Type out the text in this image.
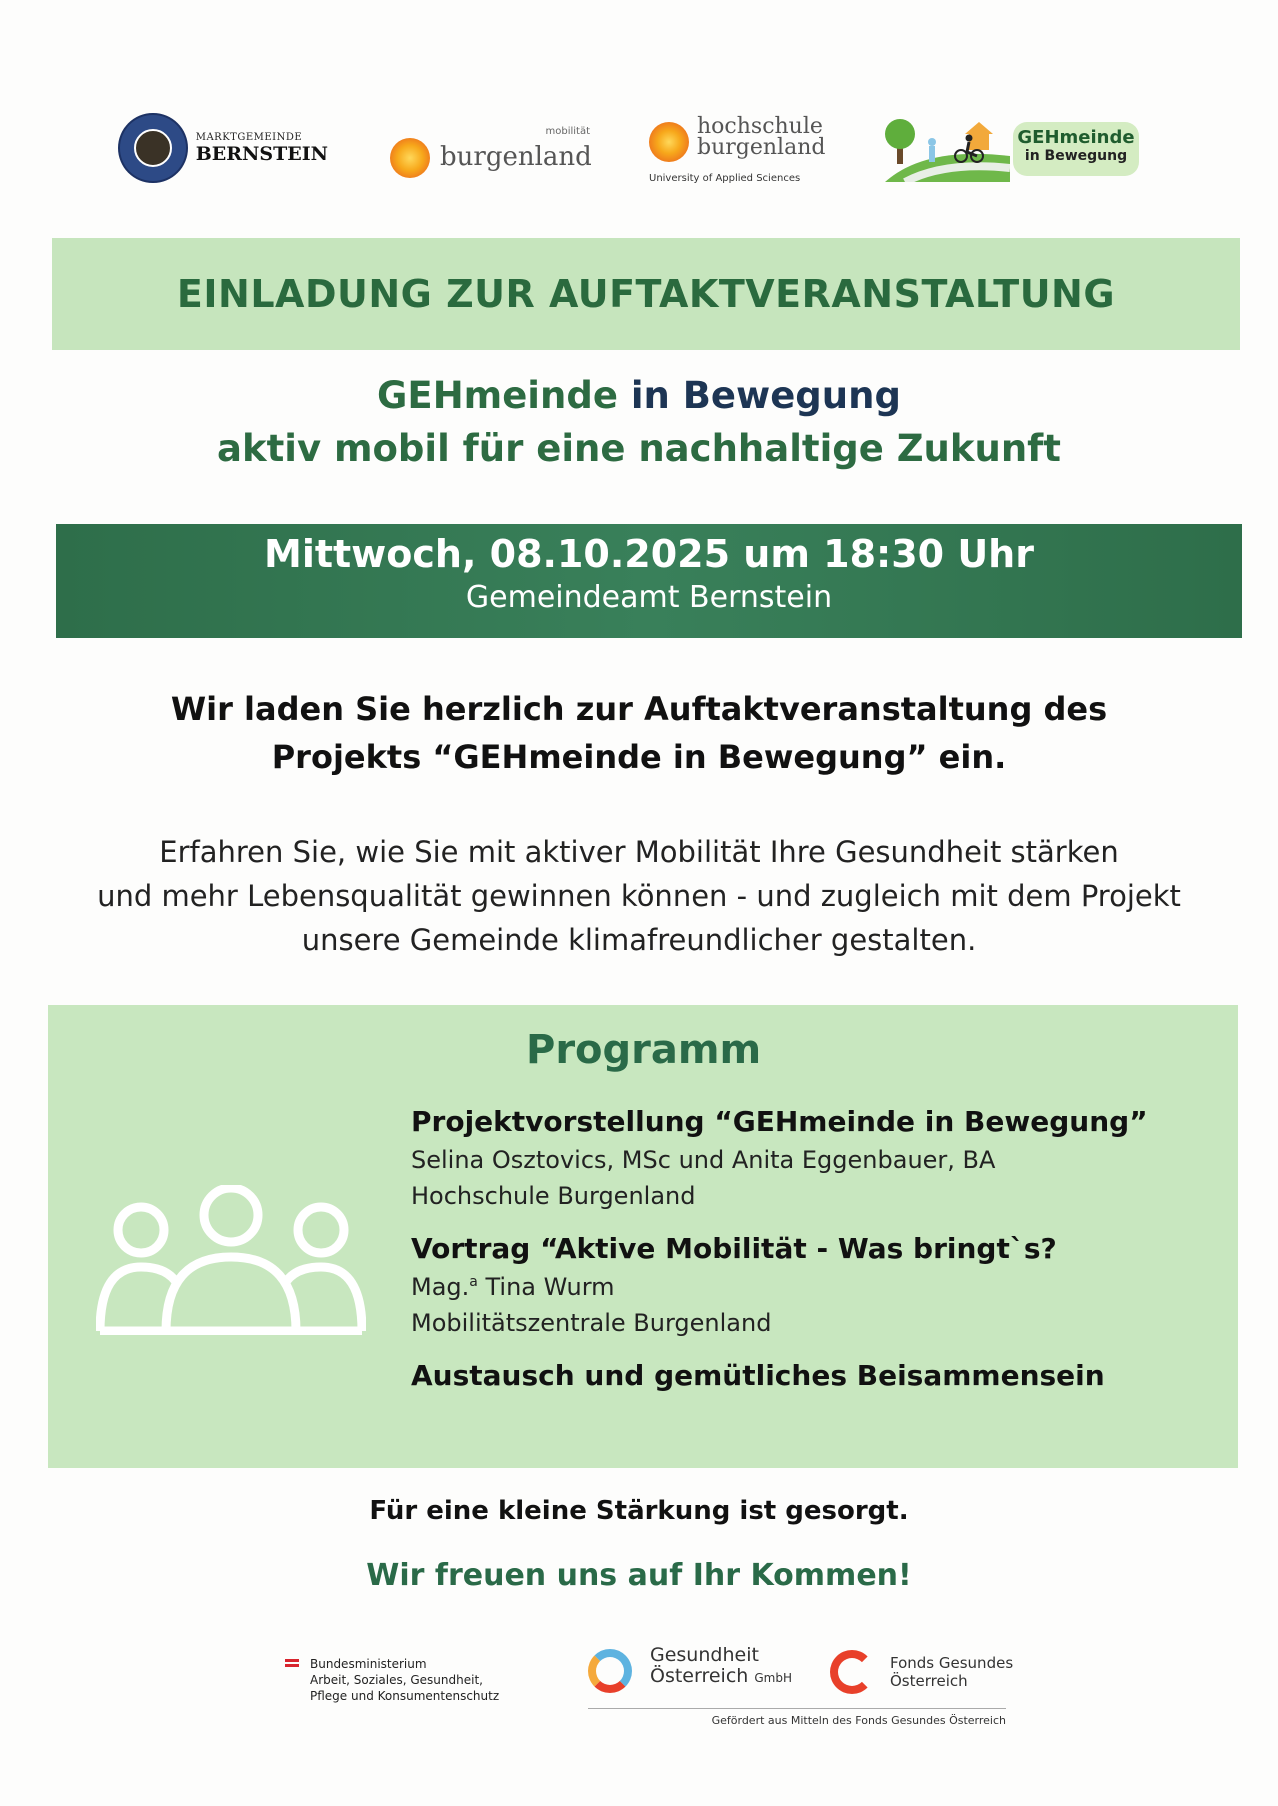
MARKTGEMEINDE
BERNSTEIN
mobilität
burgenland
hochschule
burgenland
University of Applied Sciences
GEHmeinde
in Bewegung
EINLADUNG ZUR AUFTAKTVERANSTALTUNG
GEHmeinde in Bewegung
aktiv mobil für eine nachhaltige Zukunft
Mittwoch, 08.10.2025 um 18:30 Uhr
Gemeindeamt Bernstein
Wir laden Sie herzlich zur Auftaktveranstaltung des
Projekts “GEHmeinde in Bewegung” ein.
Erfahren Sie, wie Sie mit aktiver Mobilität Ihre Gesundheit stärken
und mehr Lebensqualität gewinnen können - und zugleich mit dem Projekt
unsere Gemeinde klimafreundlicher gestalten.
Programm
Projektvorstellung “GEHmeinde in Bewegung”
Selina Osztovics, MSc und Anita Eggenbauer, BA
Hochschule Burgenland
Vortrag “Aktive Mobilität - Was bringt`s?
Mag.$^a$ Tina Wurm
Mobilitätszentrale Burgenland
Austausch und gemütliches Beisammensein
Für eine kleine Stärkung ist gesorgt.
Wir freuen uns auf Ihr Kommen!
Bundesministerium
Arbeit, Soziales, Gesundheit,
Pflege und Konsumentenschutz
Gesundheit
Österreich GmbH
Fonds Gesundes
Österreich
Gefördert aus Mitteln des Fonds Gesundes Österreich
